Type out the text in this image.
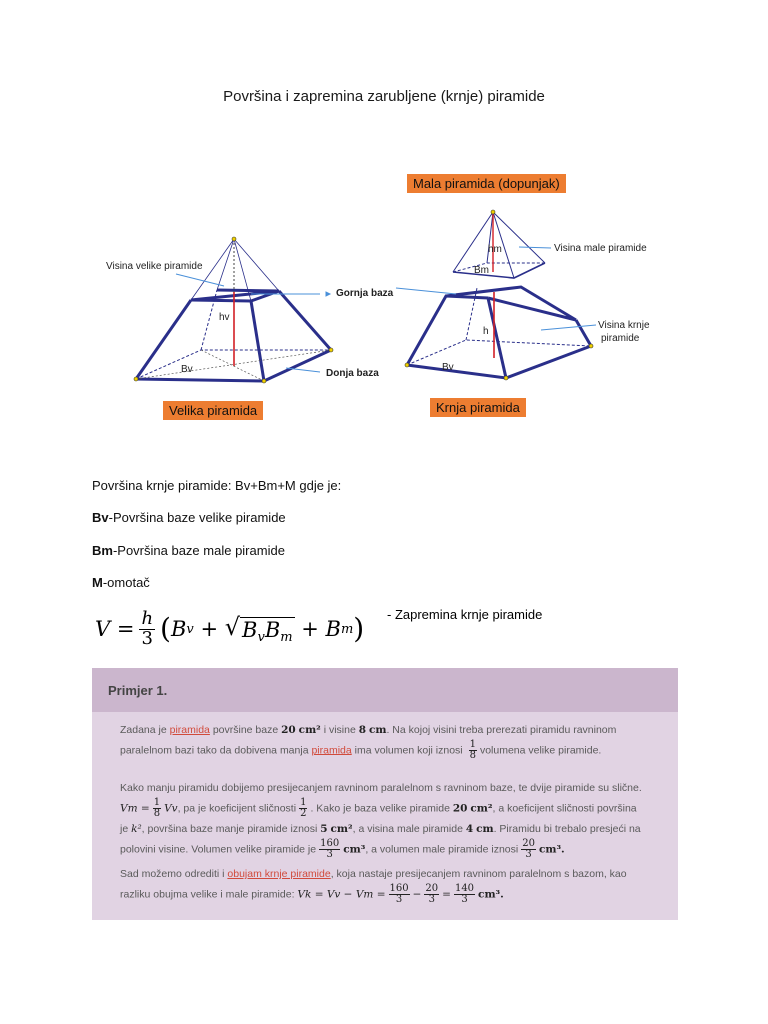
Površina i zapremina zarubljene (krnje) piramide
Visina velike piramide
Gornja baza
Donja baza
hv
Bv
Mala piramida (dopunjak)
Visina male piramide
hm
Bm
h
Visina krnje
piramide
Bv
Velika piramida	Krnja piramida
Površina krnje piramide: Bv+Bm+M gdje je:
Bv-Površina baze velike piramide
Bm-Površina baze male piramide
M-omotač
$V = \frac{h}{3}$ ( B v + √ $B_vB_m + B$ m ) - Zapremina krnje piramide
Primjer 1.
Zadana je piramida površine baze 20 cm² i visine 8 cm. Na kojoj visini treba prerezati piramidu ravninom
paralelnom bazi tako da dobivena manja piramida ima volumen koji iznosi $\frac{1}{8}$ volumena velike piramide.
Kako manju piramidu dobijemo presijecanjem ravninom paralelnom s ravninom baze, te dvije piramide su slične.
$Vm = \frac{1}{8} Vv$, pa je koeficijent sličnosti $\frac{1}{2}$ . Kako je baza velike piramide 20 cm², a koeficijent sličnosti površina
je k², površina baze manje piramide iznosi 5 cm², a visina male piramide 4 cm. Piramidu bi trebalo presjeći na
polovini visine. Volumen velike piramide je $\frac{160}{3} cm^3$, a volumen male piramide iznosi $\frac{20}{3} cm^3$.
Sad možemo odrediti i obujam krnje piramide, koja nastaje presijecanjem ravninom paralelnom s bazom, kao
razliku obujma velike i male piramide: $Vk = Vv - Vm = \frac{160}{3} - \frac{20}{3} = \frac{140}{3} cm^3$.
